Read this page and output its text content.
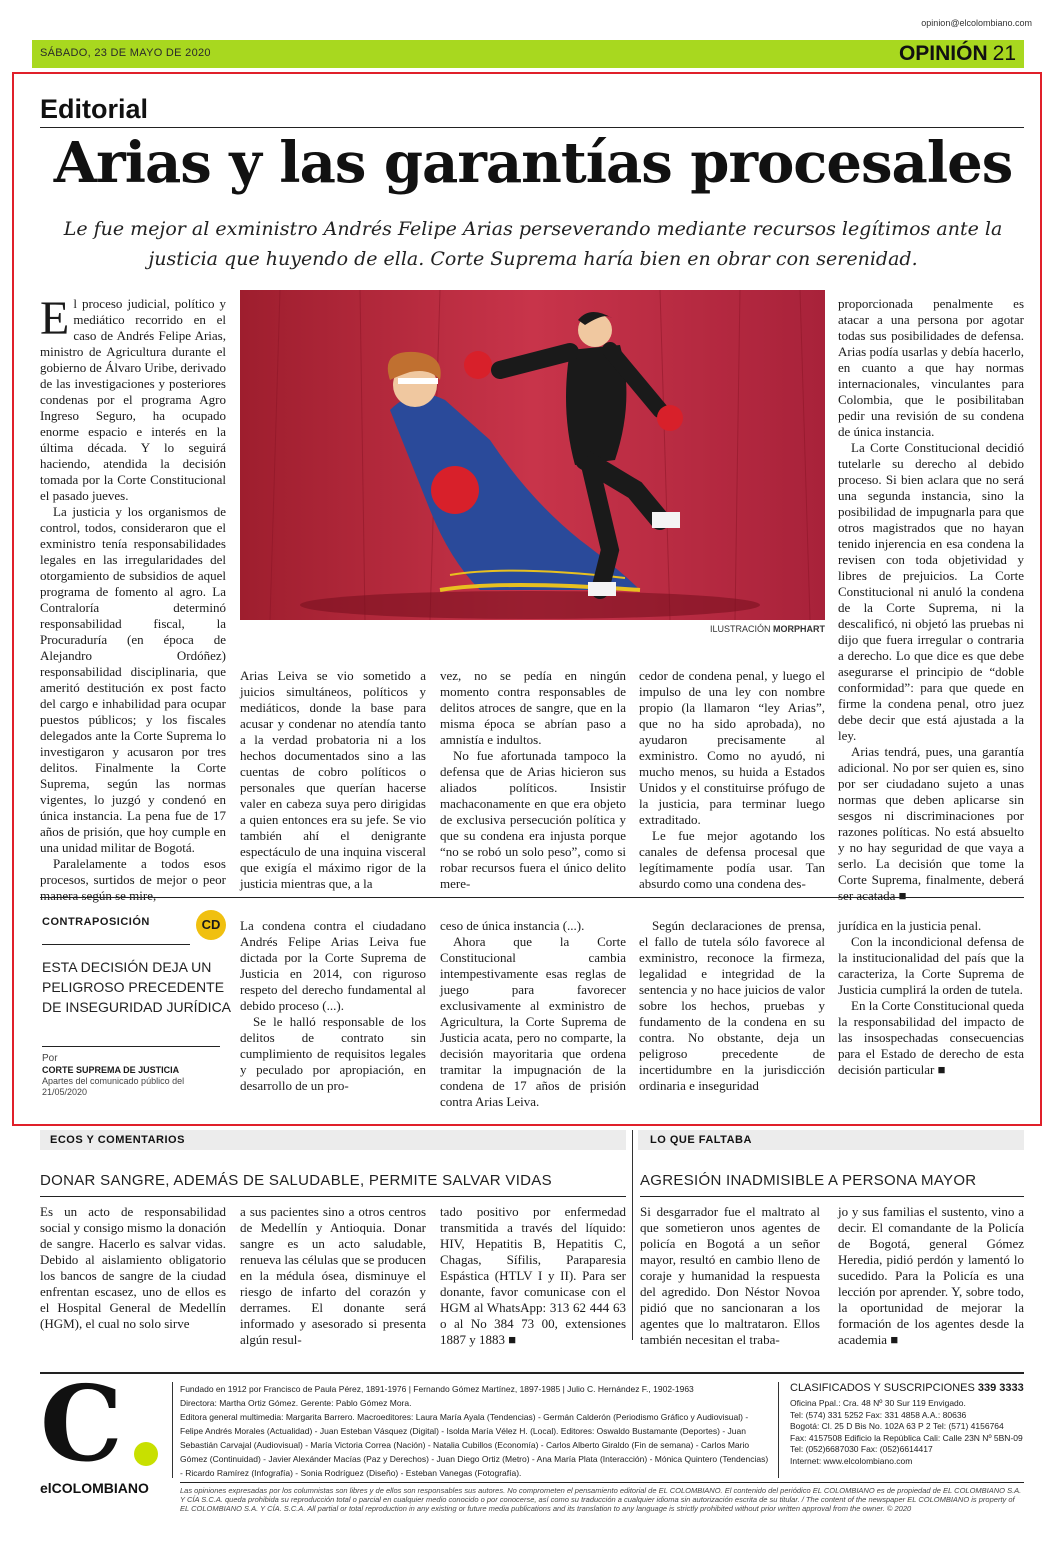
opinion@elcolombiano.com
SÁBADO, 23 DE MAYO DE 2020	OPINIÓN 21
Editorial
Arias y las garantías procesales
Le fue mejor al exministro Andrés Felipe Arias perseverando mediante recursos legítimos ante la justicia que huyendo de ella. Corte Suprema haría bien en obrar con serenidad.

El proceso judicial, político y mediático recorrido en el caso de Andrés Felipe Arias, ministro de Agricultura durante el gobierno de Álvaro Uribe, derivado de las investigaciones y posteriores condenas por el programa Agro Ingreso Seguro, ha ocupado enorme espacio e interés en la última década. Y lo seguirá haciendo, atendida la decisión tomada por la Corte Constitucional el pasado jueves.

La justicia y los organismos de control, todos, consideraron que el exministro tenía responsabilidades legales en las irregularidades del otorgamiento de subsidios de aquel programa de fomento al agro. La Contraloría determinó responsabilidad fiscal, la Procuraduría (en época de Alejandro Ordóñez) responsabilidad disciplinaria, que ameritó destitución ex post facto del cargo e inhabilidad para ocupar puestos públicos; y los fiscales delegados ante la Corte Suprema lo investigaron y acusaron por tres delitos. Finalmente la Corte Suprema, según las normas vigentes, lo juzgó y condenó en única instancia. La pena fue de 17 años de prisión, que hoy cumple en una unidad militar de Bogotá.

Paralelamente a todos esos procesos, surtidos de mejor o peor manera según se mire,

ILUSTRACIÓN MORPHART

proporcionada penalmente es atacar a una persona por agotar todas sus posibilidades de defensa. Arias podía usarlas y debía hacerlo, en cuanto a que hay normas internacionales, vinculantes para Colombia, que le posibilitaban pedir una revisión de su condena de única instancia.

La Corte Constitucional decidió tutelarle su derecho al debido proceso. Si bien aclara que no será una segunda instancia, sino la posibilidad de impugnarla para que otros magistrados que no hayan tenido injerencia en esa condena la revisen con toda objetividad y libres de prejuicios. La Corte Constitucional ni anuló la condena de la Corte Suprema, ni la descalificó, ni objetó las pruebas ni dijo que fuera irregular o contraria a derecho. Lo que dice es que debe asegurarse el principio de “doble conformidad”: para que quede en firme la condena penal, otro juez debe decir que está ajustada a la ley.

Arias tendrá, pues, una garantía adicional. No por ser quien es, sino por ser ciudadano sujeto a unas normas que deben aplicarse sin sesgos ni discriminaciones por razones políticas. No está absuelto y no hay seguridad de que vaya a serlo. La decisión que tome la Corte Suprema, finalmente, deberá ser acatada ■

Arias Leiva se vio sometido a juicios simultáneos, políticos y mediáticos, donde la base para acusar y condenar no atendía tanto a la verdad probatoria ni a los hechos documentados sino a las cuentas de cobro políticos o personales que querían hacerse valer en cabeza suya pero dirigidas a quien entonces era su jefe. Se vio también ahí el denigrante espectáculo de una inquina visceral que exigía el máximo rigor de la justicia mientras que, a la

vez, no se pedía en ningún momento contra responsables de delitos atroces de sangre, que en la misma época se abrían paso a amnistía e indultos.

No fue afortunada tampoco la defensa que de Arias hicieron sus aliados políticos. Insistir machaconamente en que era objeto de exclusiva persecución política y que su condena era injusta porque “no se robó un solo peso”, como si robar recursos fuera el único delito mere-

cedor de condena penal, y luego el impulso de una ley con nombre propio (la llamaron “ley Arias”, que no ha sido aprobada), no ayudaron precisamente al exministro. Como no ayudó, ni mucho menos, su huida a Estados Unidos y el constituirse prófugo de la justicia, para terminar luego extraditado.

Le fue mejor agotando los canales de defensa procesal que legítimamente podía usar. Tan absurdo como una condena des-

CONTRAPOSICIÓN	CD
ESTA DECISIÓN DEJA UN PELIGROSO PRECEDENTE DE INSEGURIDAD JURÍDICA
Por
CORTE SUPREMA DE JUSTICIA
Apartes del comunicado público del 21/05/2020

La condena contra el ciudadano Andrés Felipe Arias Leiva fue dictada por la Corte Suprema de Justicia en 2014, con riguroso respeto del derecho fundamental al debido proceso (...).

Se le halló responsable de los delitos de contrato sin cumplimiento de requisitos legales y peculado por apropiación, en desarrollo de un pro-

ceso de única instancia (...).

Ahora que la Corte Constitucional cambia intempestivamente esas reglas de juego para favorecer exclusivamente al exministro de Agricultura, la Corte Suprema de Justicia acata, pero no comparte, la decisión mayoritaria que ordena tramitar la impugnación de la condena de 17 años de prisión contra Arias Leiva.

Según declaraciones de prensa, el fallo de tutela sólo favorece al exministro, reconoce la firmeza, legalidad e integridad de la sentencia y no hace juicios de valor sobre los hechos, pruebas y fundamento de la condena en su contra. No obstante, deja un peligroso precedente de incertidumbre en la jurisdicción ordinaria e inseguridad

jurídica en la justicia penal.

Con la incondicional defensa de la institucionalidad del país que la caracteriza, la Corte Suprema de Justicia cumplirá la orden de tutela.

En la Corte Constitucional queda la responsabilidad del impacto de las insospechadas consecuencias para el Estado de derecho de esta decisión particular ■

ECOS Y COMENTARIOS	LO QUE FALTABA
DONAR SANGRE, ADEMÁS DE SALUDABLE, PERMITE SALVAR VIDAS	AGRESIÓN INADMISIBLE A PERSONA MAYOR

Es un acto de responsabilidad social y consigo mismo la donación de sangre. Hacerlo es salvar vidas. Debido al aislamiento obligatorio los bancos de sangre de la ciudad enfrentan escasez, uno de ellos es el Hospital General de Medellín (HGM), el cual no solo sirve

a sus pacientes sino a otros centros de Medellín y Antioquia. Donar sangre es un acto saludable, renueva las células que se producen en la médula ósea, disminuye el riesgo de infarto del corazón y derrames. El donante será informado y asesorado si presenta algún resul-

tado positivo por enfermedad transmitida a través del líquido: HIV, Hepatitis B, Hepatitis C, Chagas, Sífilis, Paraparesia Espástica (HTLV I y II). Para ser donante, favor comunicase con el HGM al WhatsApp: 313 62 444 63 o al No 384 73 00, extensiones 1887 y 1883 ■

Si desgarrador fue el maltrato al que sometieron unos agentes de policía en Bogotá a un señor mayor, resultó en cambio lleno de coraje y humanidad la respuesta del agredido. Don Néstor Novoa pidió que no sancionaran a los agentes que lo maltrataron. Ellos también necesitan el traba-

jo y sus familias el sustento, vino a decir. El comandante de la Policía de Bogotá, general Gómez Heredia, pidió perdón y lamentó lo sucedido. Para la Policía es una lección por aprender. Y, sobre todo, la oportunidad de mejorar la formación de los agentes desde la academia ■

C
elCOLOMBIANO
Fundado en 1912 por Francisco de Paula Pérez, 1891-1976 | Fernando Gómez Martínez, 1897-1985 | Julio C. Hernández F., 1902-1963
Directora: Martha Ortiz Gómez. Gerente: Pablo Gómez Mora.
Editora general multimedia: Margarita Barrero. Macroeditores: Laura María Ayala (Tendencias) - Germán Calderón (Periodismo Gráfico y Audiovisual) -
Felipe Andrés Morales (Actualidad) - Juan Esteban Vásquez (Digital) - Isolda María Vélez H. (Local). Editores: Oswaldo Bustamante (Deportes) - Juan
Sebastián Carvajal (Audiovisual) - María Victoria Correa (Nación) - Natalia Cubillos (Economía) - Carlos Alberto Giraldo (Fin de semana) - Carlos Mario
Gómez (Continuidad) - Javier Alexánder Macías (Paz y Derechos) - Juan Diego Ortiz (Metro) - Ana María Plata (Interacción) - Mónica Quintero (Tendencias)
- Ricardo Ramírez (Infografía) - Sonia Rodríguez (Diseño) - Esteban Vanegas (Fotografía).
CLASIFICADOS Y SUSCRIPCIONES 339 3333
Oficina Ppal.: Cra. 48 Nº 30 Sur 119 Envigado.
Tel: (574) 331 5252 Fax: 331 4858 A.A.: 80636
Bogotá: Cl. 25 D Bis No. 102A 63 P 2 Tel: (571) 4156764
Fax: 4157508 Edificio la República Cali: Calle 23N Nº 5BN-09
Tel: (052)6687030 Fax: (052)6614417
Internet: www.elcolombiano.com
Las opiniones expresadas por los columnistas son libres y de ellos son responsables sus autores. No comprometen el pensamiento editorial de EL COLOMBIANO. El contenido del periódico EL COLOMBIANO es de propiedad de EL COLOMBIANO S.A. Y CÍA S.C.A. queda prohibida su reproducción total o parcial en cualquier medio conocido o por conocerse, así como su traducción a cualquier idioma sin autorización escrita de su titular. / The content of the newspaper EL COLOMBIANO is property of EL COLOMBIANO S.A. Y CÍA. S.C.A. All partial or total reproduction in any existing or future media publications and its translation to any language is strictly prohibited without prior written approval from the owner. © 2020
